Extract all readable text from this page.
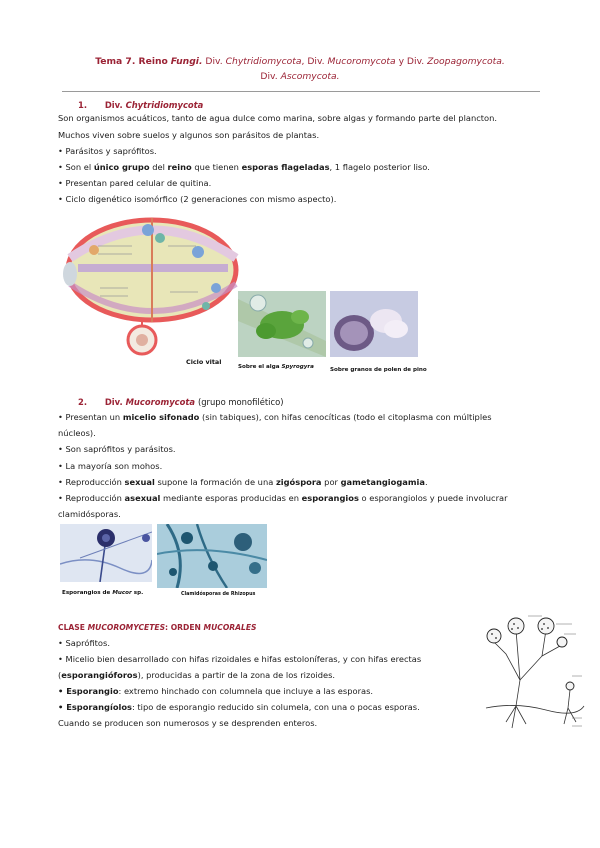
Tema 7. Reino Fungi. Div. Chytridiomycota, Div. Mucoromycota y Div. Zoopagomycota.
Div. Ascomycota.
1. Div. Chytridiomycota
Son organismos acuáticos, tanto de agua dulce como marina, sobre algas y formando parte del plancton.
Muchos viven sobre suelos y algunos son parásitos de plantas.
• Parásitos y saprófitos.
• Son el único grupo del reino que tienen esporas flageladas, 1 flagelo posterior liso.
• Presentan pared celular de quitina.
• Ciclo digenético isomórfico (2 generaciones con mismo aspecto).
Ciclo vital
Sobre el alga Spyrogyra	Sobre granos de polen de pino
2. Div. Mucoromycota (grupo monofilético)
• Presentan un micelio sifonado (sin tabiques), con hifas cenocíticas (todo el citoplasma con múltiples
núcleos).
• Son saprófitos y parásitos.
• La mayoría son mohos.
• Reproducción sexual supone la formación de una zigóspora por gametangiogamia.
• Reproducción asexual mediante esporas producidas en esporangios o esporangiolos y puede involucrar
clamidósporas.
Esporangios de Mucor sp.	Clamidósporas de Rhizopus
CLASE MUCOROMYCETES: ORDEN MUCORALES
• Saprófitos.
• Micelio bien desarrollado con hifas rizoidales e hifas estoloníferas, y con hifas erectas
(esporangióforos), producidas a partir de la zona de los rizoides.
• Esporangio: extremo hinchado con columnela que incluye a las esporas.
• Esporangíolos: tipo de esporangio reducido sin columela, con una o pocas esporas.
Cuando se producen son numerosos y se desprenden enteros.
